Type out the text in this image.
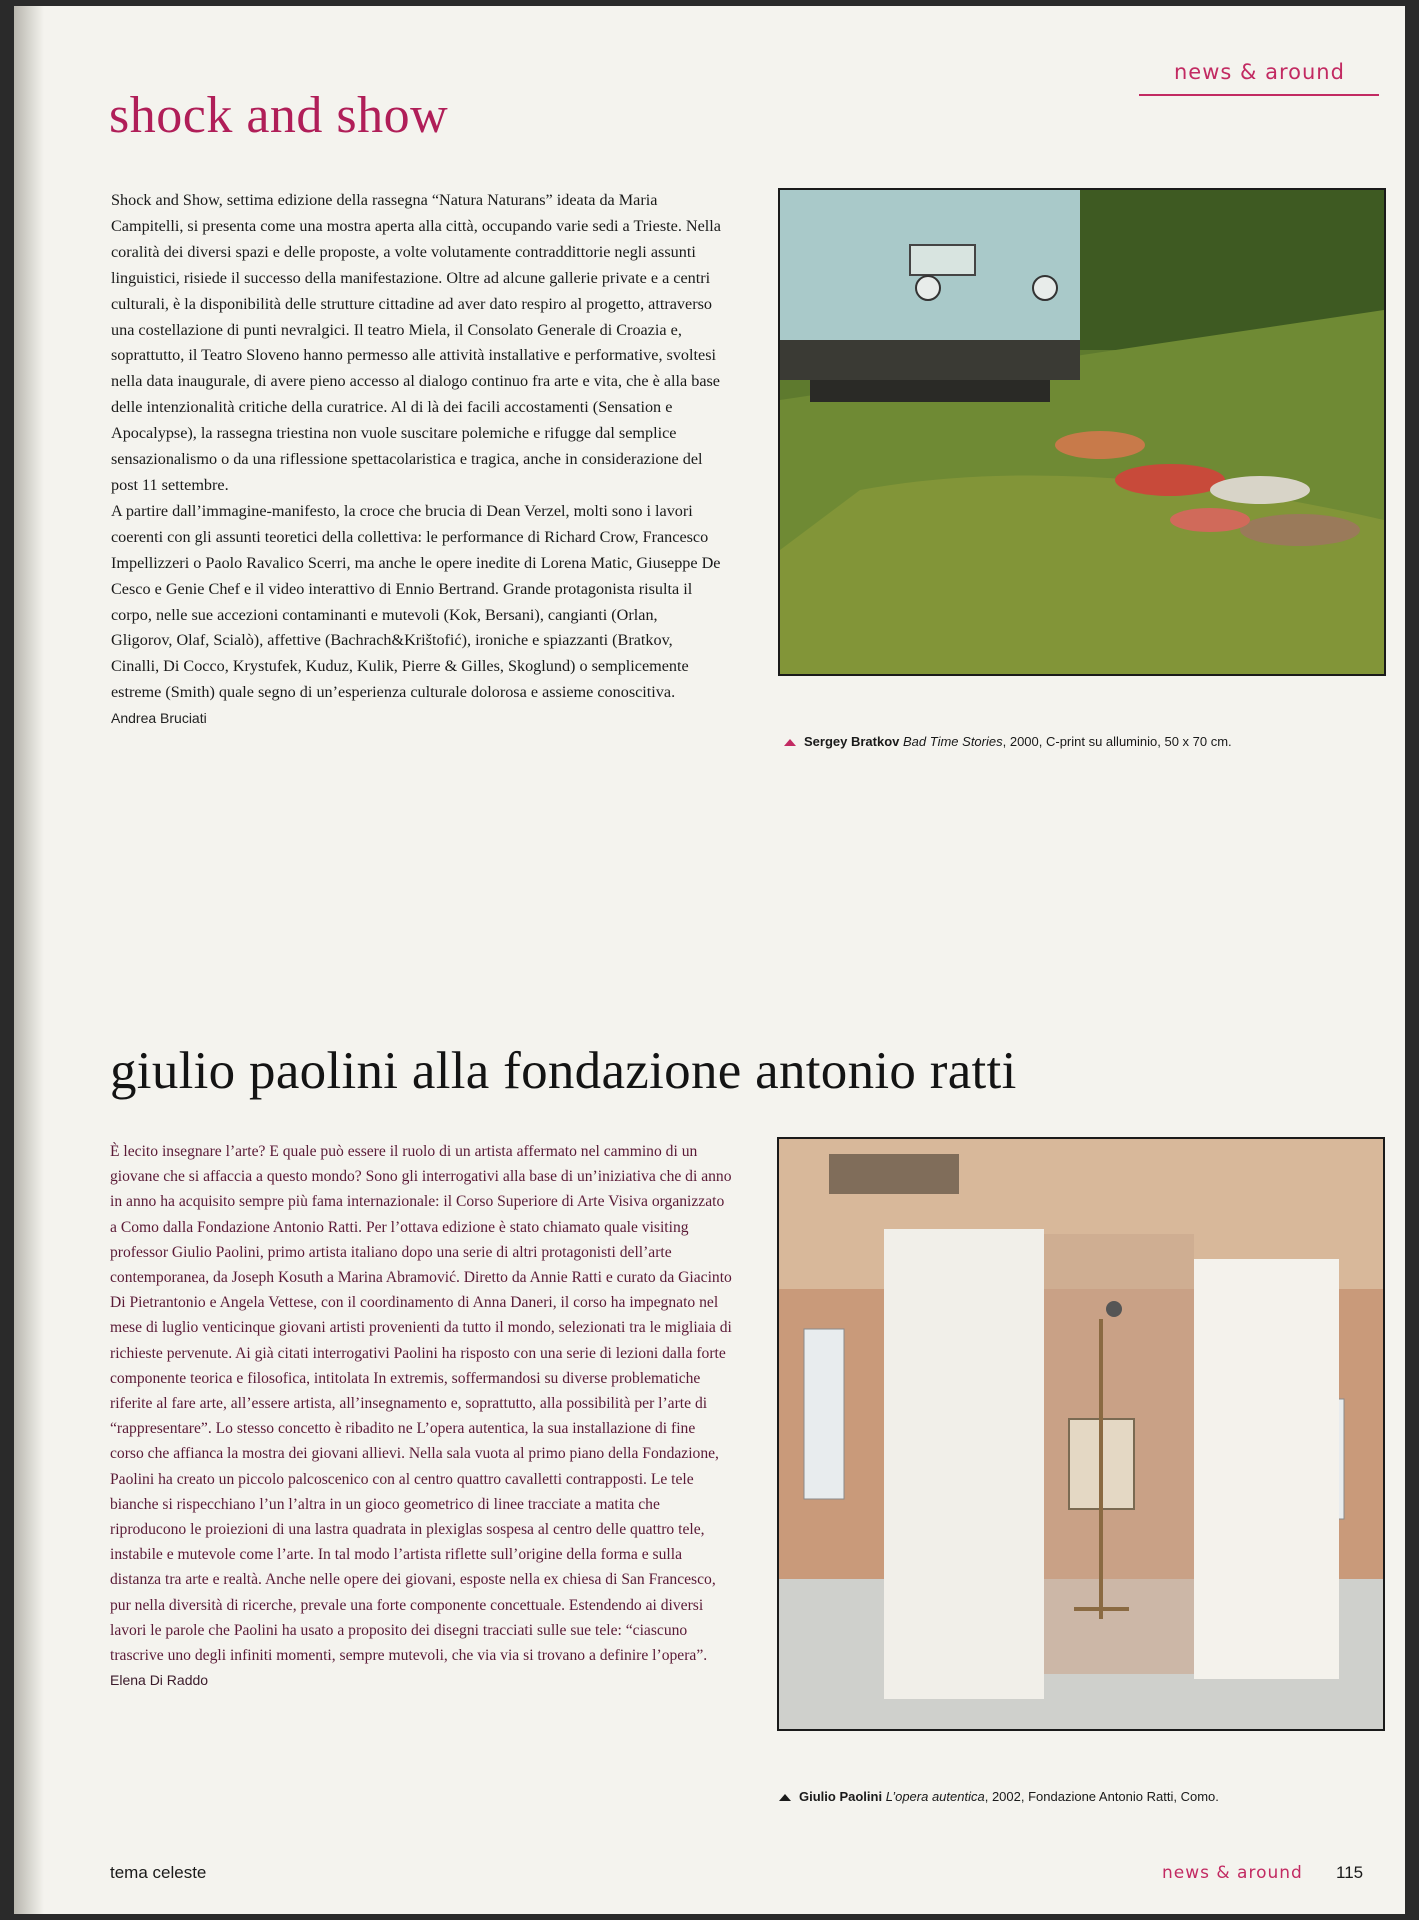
news & around
shock and show

Shock and Show, settima edizione della rassegna “Natura Naturans” ideata da Maria Campitelli, si presenta come una mostra aperta alla città, occupando varie sedi a Trieste. Nella coralità dei diversi spazi e delle proposte, a volte volutamente contraddittorie negli assunti linguistici, risiede il successo della manifestazione. Oltre ad alcune gallerie private e a centri culturali, è la disponibilità delle strutture cittadine ad aver dato respiro al progetto, attraverso una costellazione di punti nevralgici. Il teatro Miela, il Consolato Generale di Croazia e, soprattutto, il Teatro Sloveno hanno permesso alle attività installative e performative, svoltesi nella data inaugurale, di avere pieno accesso al dialogo continuo fra arte e vita, che è alla base delle intenzionalità critiche della curatrice. Al di là dei facili accostamenti (Sensation e Apocalypse), la rassegna triestina non vuole suscitare polemiche e rifugge dal semplice sensazionalismo o da una riflessione spettacolaristica e tragica, anche in considerazione del post 11 settembre.

A partire dall’immagine-manifesto, la croce che brucia di Dean Verzel, molti sono i lavori coerenti con gli assunti teoretici della collettiva: le performance di Richard Crow, Francesco Impellizzeri o Paolo Ravalico Scerri, ma anche le opere inedite di Lorena Matic, Giuseppe De Cesco e Genie Chef e il video interattivo di Ennio Bertrand. Grande protagonista risulta il corpo, nelle sue accezioni contaminanti e mutevoli (Kok, Bersani), cangianti (Orlan, Gligorov, Olaf, Scialò), affettive (Bachrach&Krištofić), ironiche e spiazzanti (Bratkov, Cinalli, Di Cocco, Krystufek, Kuduz, Kulik, Pierre & Gilles, Skoglund) o semplicemente estreme (Smith) quale segno di un’esperienza culturale dolorosa e assieme conoscitiva.

Andrea Bruciati
Sergey Bratkov Bad Time Stories, 2000, C-print su alluminio, 50 x 70 cm.
giulio paolini alla fondazione antonio ratti

È lecito insegnare l’arte? E quale può essere il ruolo di un artista affermato nel cammino di un giovane che si affaccia a questo mondo? Sono gli interrogativi alla base di un’iniziativa che di anno in anno ha acquisito sempre più fama internazionale: il Corso Superiore di Arte Visiva organizzato a Como dalla Fondazione Antonio Ratti. Per l’ottava edizione è stato chiamato quale visiting professor Giulio Paolini, primo artista italiano dopo una serie di altri protagonisti dell’arte contemporanea, da Joseph Kosuth a Marina Abramović. Diretto da Annie Ratti e curato da Giacinto Di Pietrantonio e Angela Vettese, con il coordinamento di Anna Daneri, il corso ha impegnato nel mese di luglio venticinque giovani artisti provenienti da tutto il mondo, selezionati tra le migliaia di richieste pervenute. Ai già citati interrogativi Paolini ha risposto con una serie di lezioni dalla forte componente teorica e filosofica, intitolata In extremis, soffermandosi su diverse problematiche riferite al fare arte, all’essere artista, all’insegnamento e, soprattutto, alla possibilità per l’arte di “rappresentare”. Lo stesso concetto è ribadito ne L’opera autentica, la sua installazione di fine corso che affianca la mostra dei giovani allievi. Nella sala vuota al primo piano della Fondazione, Paolini ha creato un piccolo palcoscenico con al centro quattro cavalletti contrapposti. Le tele bianche si rispecchiano l’un l’altra in un gioco geometrico di linee tracciate a matita che riproducono le proiezioni di una lastra quadrata in plexiglas sospesa al centro delle quattro tele, instabile e mutevole come l’arte. In tal modo l’artista riflette sull’origine della forma e sulla distanza tra arte e realtà. Anche nelle opere dei giovani, esposte nella ex chiesa di San Francesco, pur nella diversità di ricerche, prevale una forte componente concettuale. Estendendo ai diversi lavori le parole che Paolini ha usato a proposito dei disegni tracciati sulle sue tele: “ciascuno trascrive uno degli infiniti momenti, sempre mutevoli, che via via si trovano a definire l’opera”.

Elena Di Raddo
Giulio Paolini L’opera autentica, 2002, Fondazione Antonio Ratti, Como.
tema celeste	news & around 115
